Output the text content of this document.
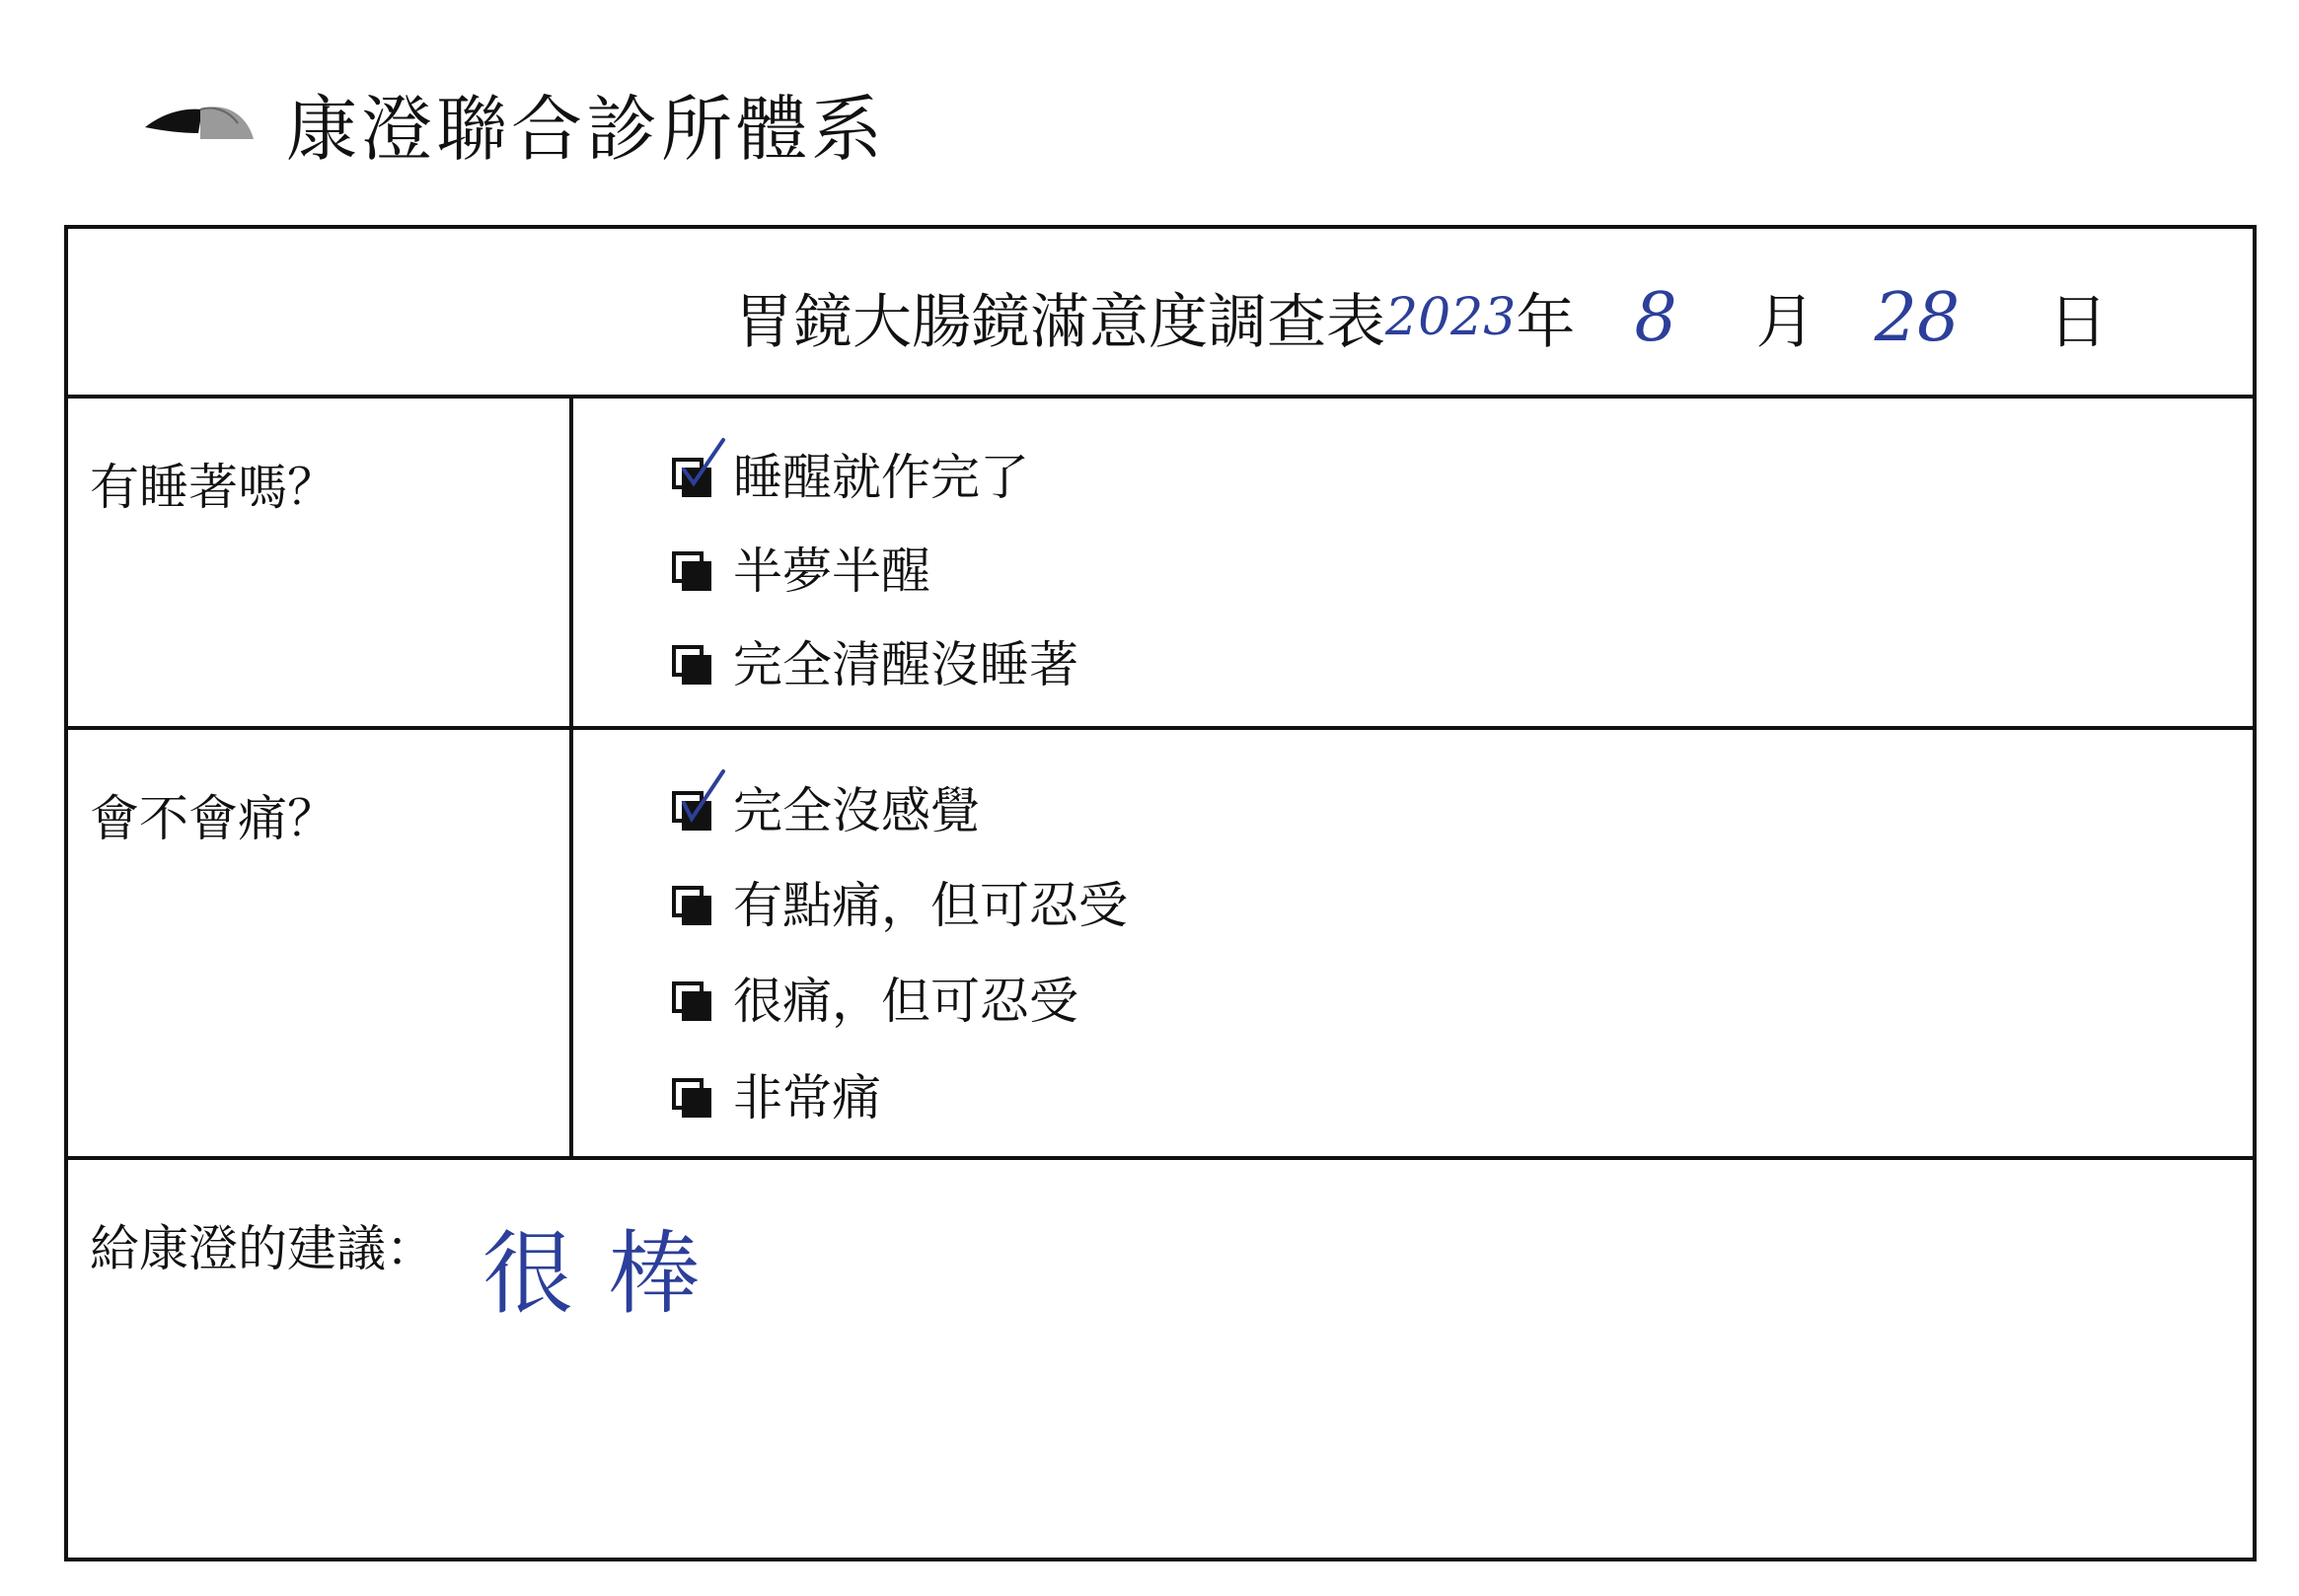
康澄聯合診所體系
胃鏡大腸鏡滿意度調查表 2023 年 8 月 28 日
有睡著嗎？	睡醒就作完了
半夢半醒
完全清醒沒睡著
會不會痛？	完全沒感覺
有點痛，但可忍受
很痛，但可忍受
非常痛
給康澄的建議： 很棒
